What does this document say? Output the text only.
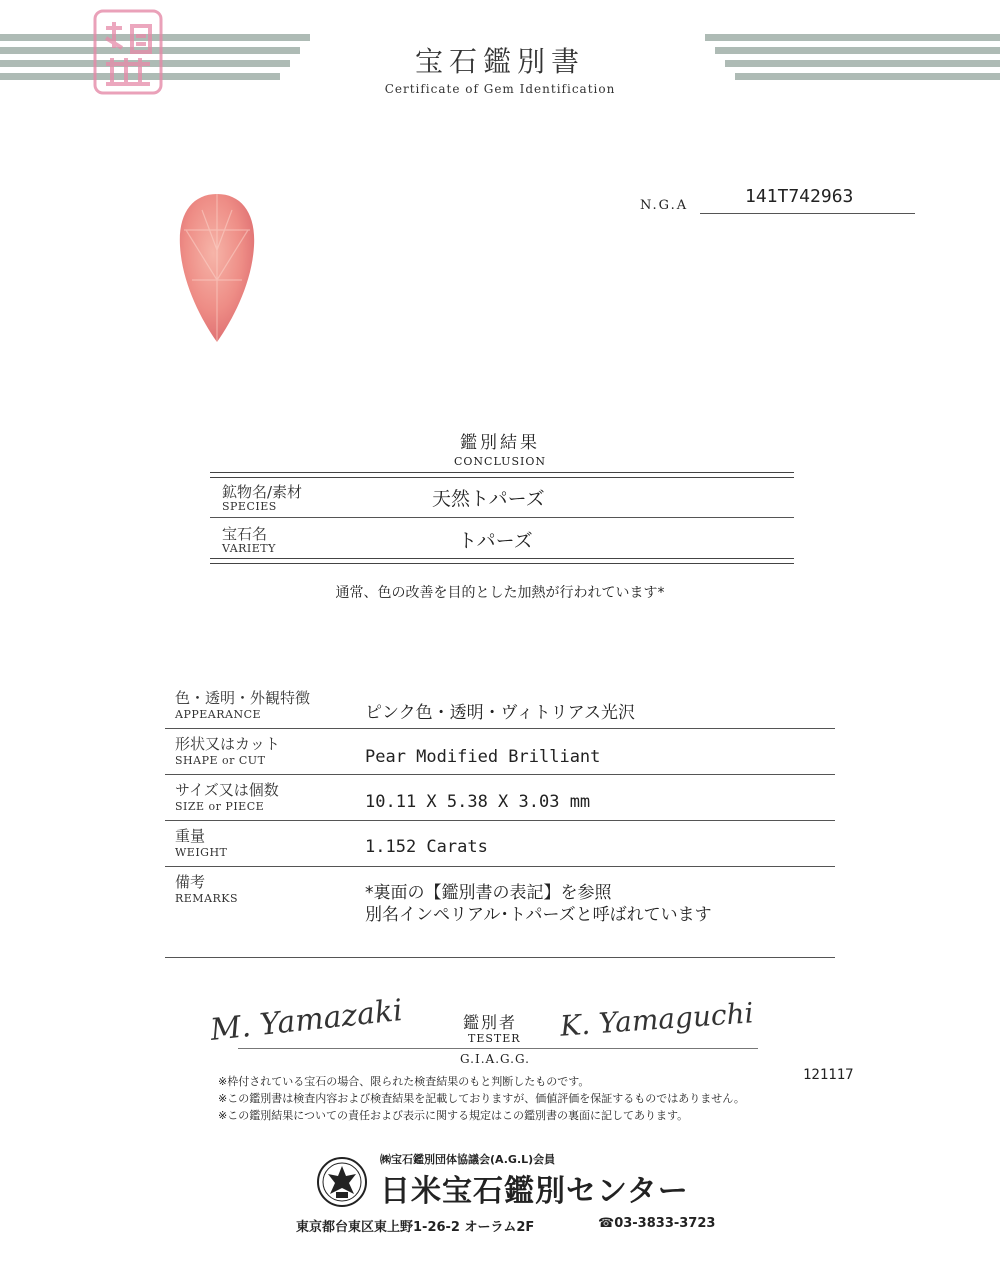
宝石鑑別書
Certificate of Gem Identification
N.G.A	141T742963
鑑別結果
CONCLUSION
鉱物名/素材
SPECIES	天然トパーズ
宝石名
VARIETY	トパーズ
通常、色の改善を目的とした加熱が行われています*
色・透明・外観特徴
APPEARANCE	ピンク色・透明・ヴィトリアス光沢
形状又はカット
SHAPE or CUT	Pear Modified Brilliant
サイズ又は個数
SIZE or PIECE	10.11 X 5.38 X 3.03 mm
重量
WEIGHT	1.152 Carats
備考
REMARKS	*裏面の【鑑別書の表記】を参照
別名インペリアル･トパーズと呼ばれています
M. Yamazaki	K. Yamaguchi
鑑別者
TESTER
G.I.A.G.G.
121117
※枠付されている宝石の場合、限られた検査結果のもと判断したものです。
※この鑑別書は検査内容および検査結果を記載しておりますが、価値評価を保証するものではありません。
※この鑑別結果についての責任および表示に関する規定はこの鑑別書の裏面に記してあります。
㈱宝石鑑別団体協議会(A.G.L)会員
日米宝石鑑別センター
東京都台東区東上野1-26-2 オーラム2F	☎03-3833-3723
